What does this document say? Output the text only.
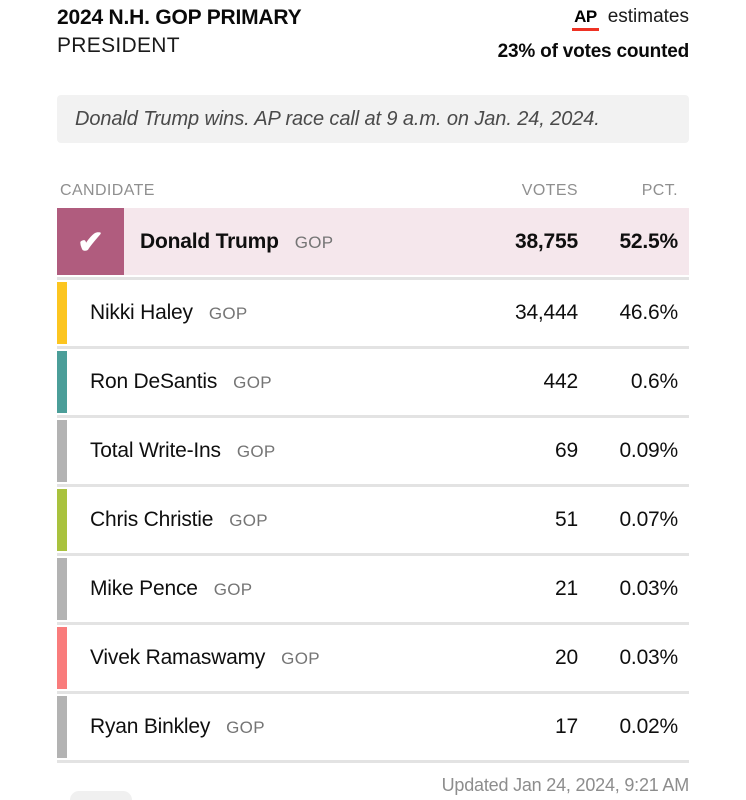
2024 N.H. GOP PRIMARY
PRESIDENT
AP estimates
23% of votes counted
Donald Trump wins. AP race call at 9 a.m. on Jan. 24, 2024.
CANDIDATE	VOTES	PCT.
✔ Donald Trump GOP	38,755	52.5%
Nikki Haley GOP	34,444	46.6%
Ron DeSantis GOP	442	0.6%
Total Write-Ins GOP	69	0.09%
Chris Christie GOP	51	0.07%
Mike Pence GOP	21	0.03%
Vivek Ramaswamy GOP	20	0.03%
Ryan Binkley GOP	17	0.02%
Updated Jan 24, 2024, 9:21 AM
